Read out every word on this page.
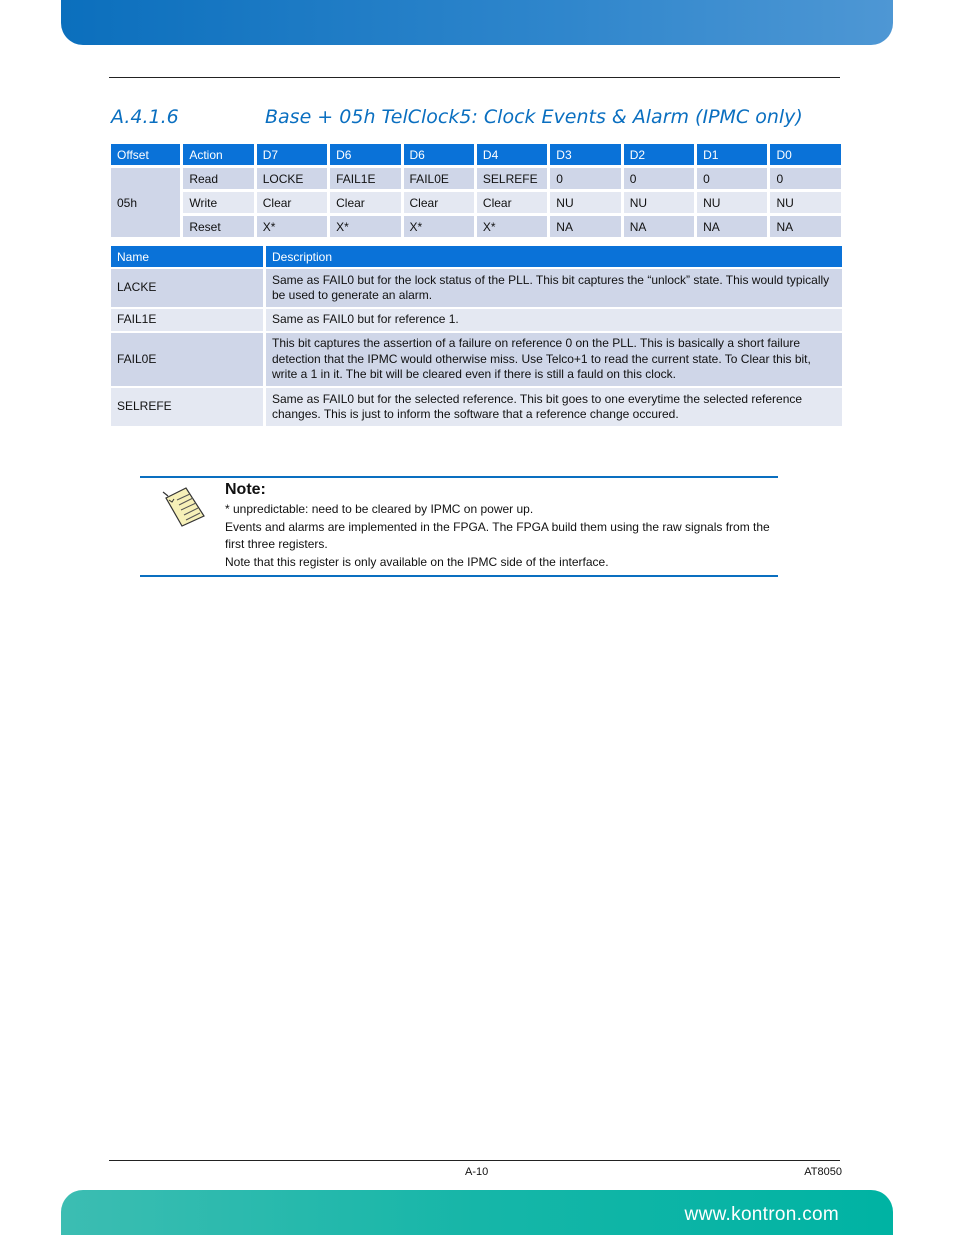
A.4.1.6	Base + 05h TelClock5: Clock Events & Alarm (IPMC only)
Offset	Action	D7	D6	D6	D4	D3	D2	D1	D0
05h	Read	LOCKE	FAIL1E	FAIL0E	SELREFE	0	0	0	0
	Write	Clear	Clear	Clear	Clear	NU	NU	NU	NU
	Reset	X*	X*	X*	X*	NA	NA	NA	NA
Name	Description
LACKE	Same as FAIL0 but for the lock status of the PLL. This bit captures the “unlock” state. This would typically be used to generate an alarm.
FAIL1E	Same as FAIL0 but for reference 1.
FAIL0E	This bit captures the assertion of a failure on reference 0 on the PLL. This is basically a short failure detection that the IPMC would otherwise miss. Use Telco+1 to read the current state. To Clear this bit, write a 1 in it. The bit will be cleared even if there is still a fauld on this clock.
SELREFE	Same as FAIL0 but for the selected reference. This bit goes to one everytime the selected reference changes. This is just to inform the software that a reference change occured.
Note:
* unpredictable: need to be cleared by IPMC on power up.
Events and alarms are implemented in the FPGA. The FPGA build them using the raw signals from the first three registers.
Note that this register is only available on the IPMC side of the interface.
A-10	AT8050
www.kontron.com
